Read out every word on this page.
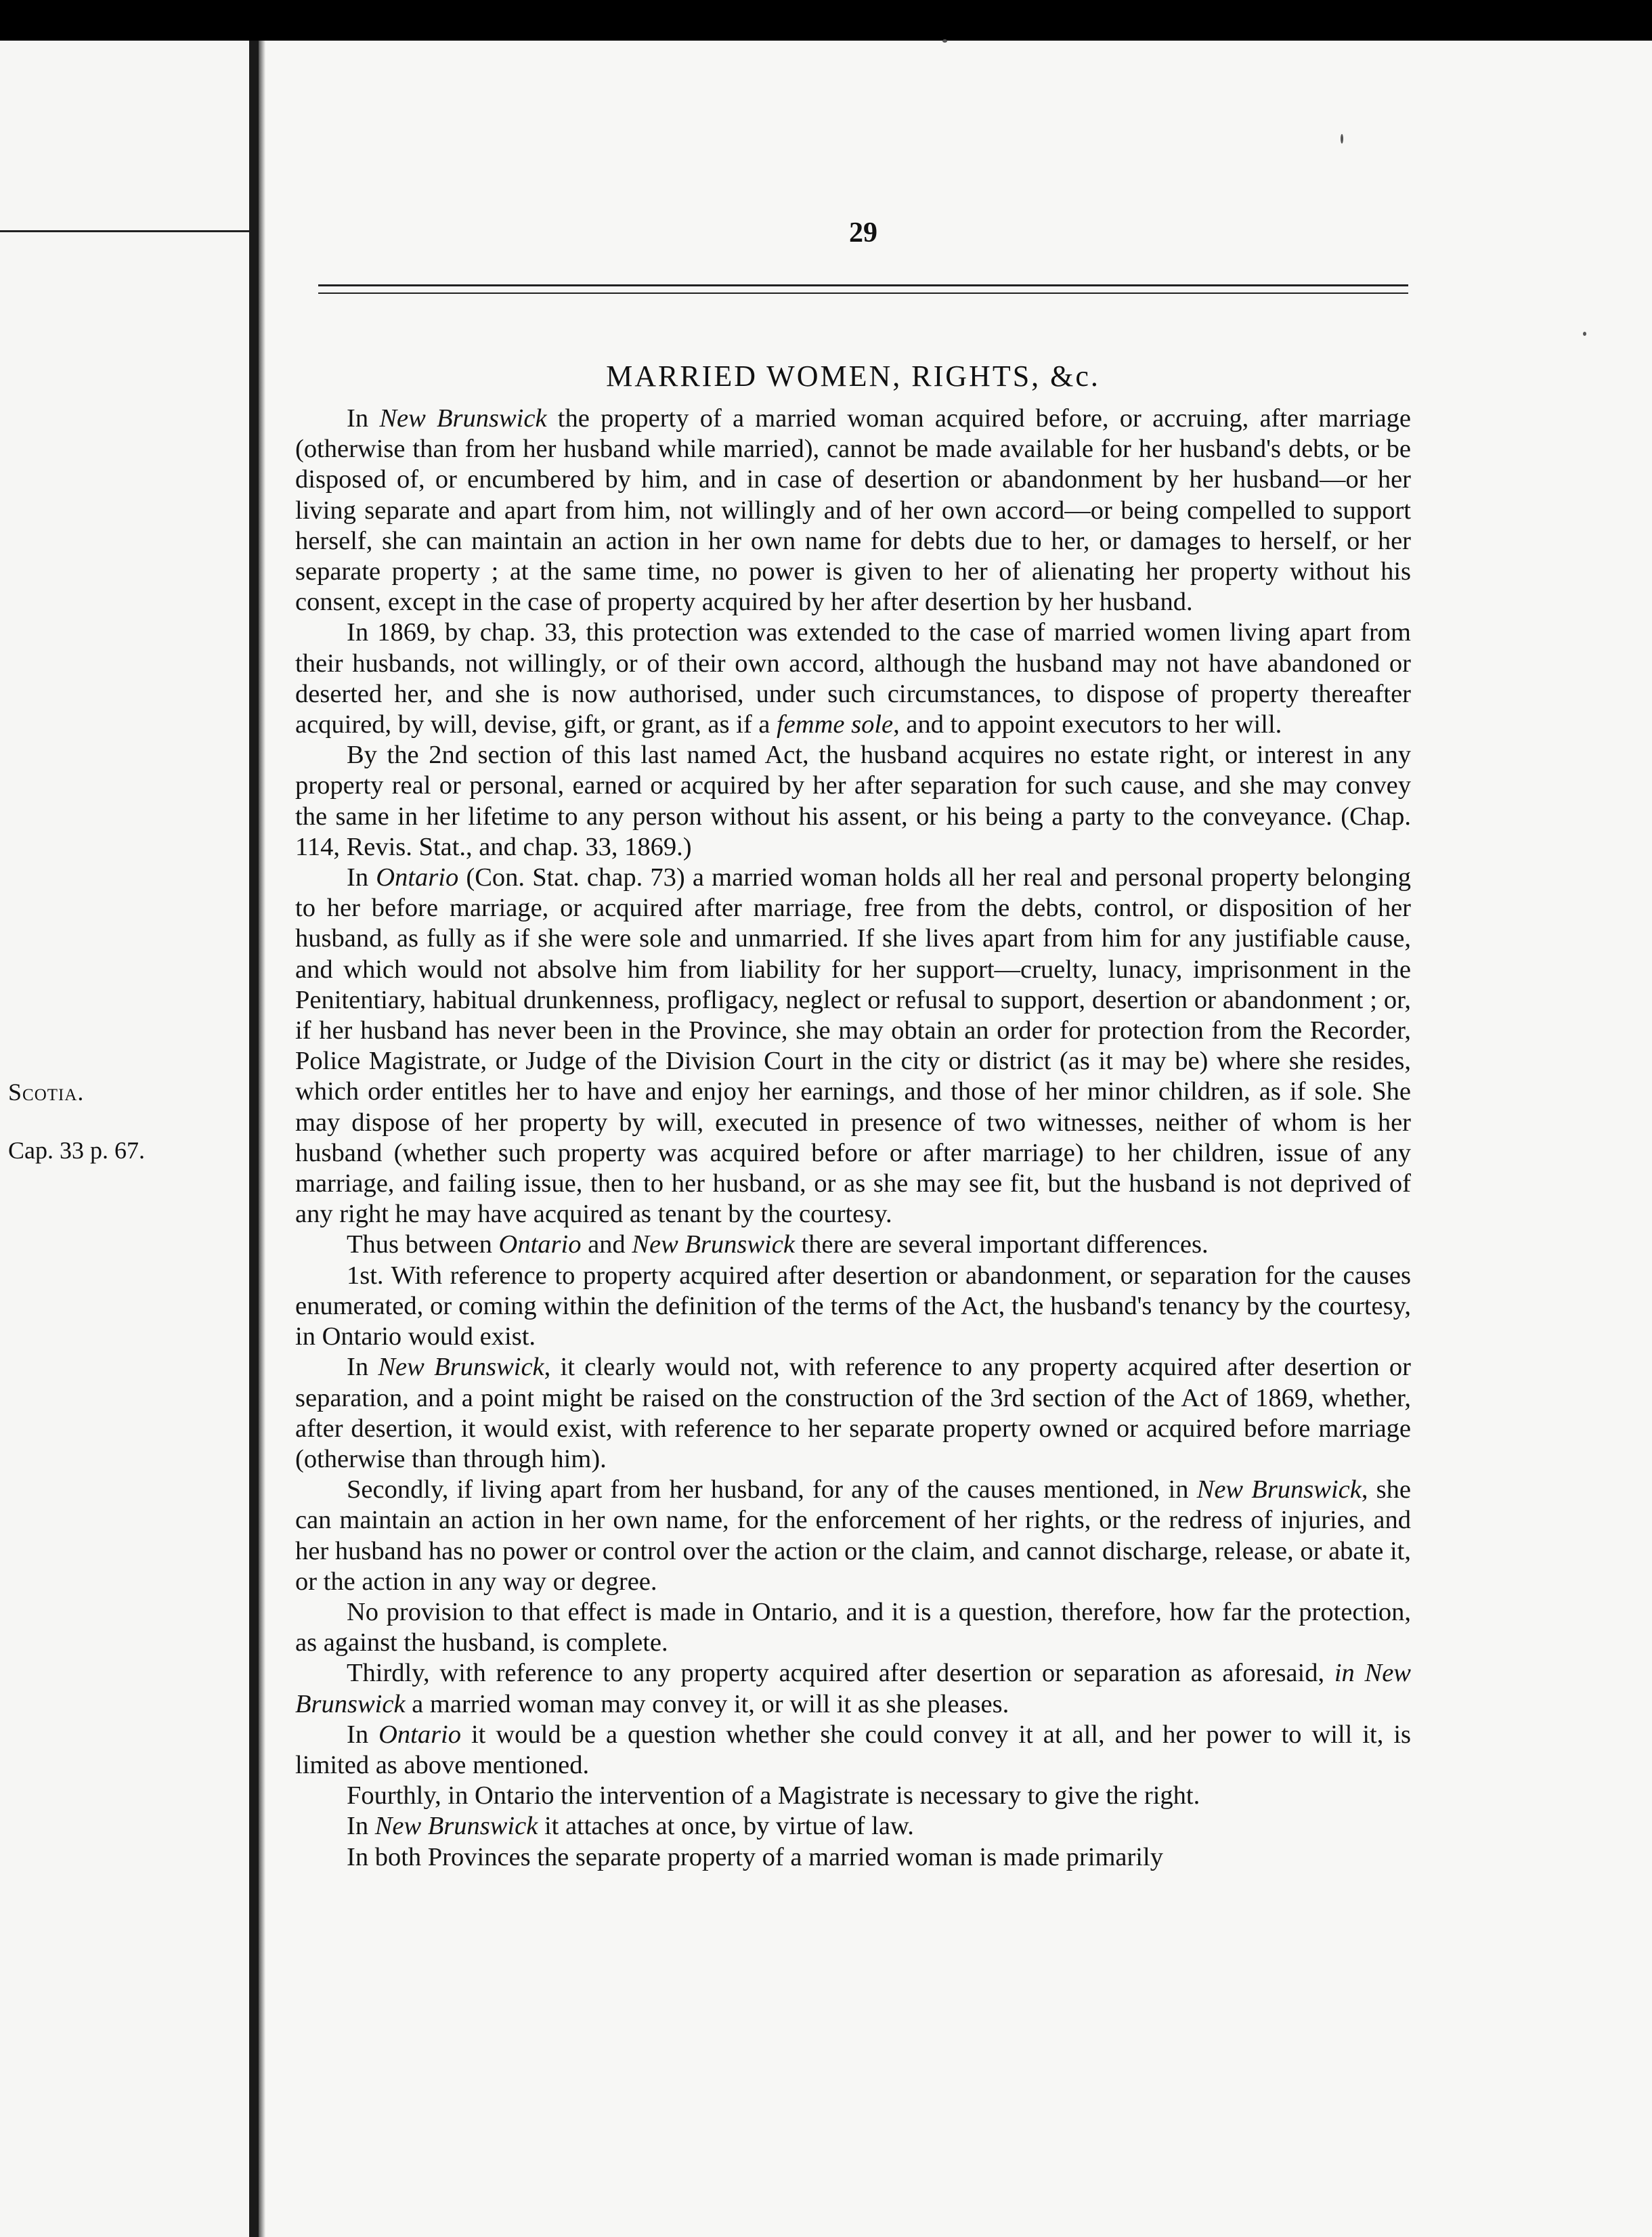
Scotia.
Cap. 33 p. 67.
29
MARRIED WOMEN, RIGHTS, &c.

In New Brunswick the property of a married woman acquired before, or accruing, after marriage (otherwise than from her husband while married), cannot be made available for her husband's debts, or be disposed of, or encumbered by him, and in case of desertion or abandonment by her husband—or her living separate and apart from him, not willingly and of her own accord—or being compelled to support herself, she can maintain an action in her own name for debts due to her, or damages to herself, or her separate property ; at the same time, no power is given to her of alienating her property without his consent, except in the case of property acquired by her after desertion by her husband.

In 1869, by chap. 33, this protection was extended to the case of married women living apart from their husbands, not willingly, or of their own accord, although the husband may not have abandoned or deserted her, and she is now authorised, under such circumstances, to dispose of property thereafter acquired, by will, devise, gift, or grant, as if a femme sole, and to appoint executors to her will.

By the 2nd section of this last named Act, the husband acquires no estate right, or interest in any property real or personal, earned or acquired by her after separation for such cause, and she may convey the same in her lifetime to any person without his assent, or his being a party to the conveyance. (Chap. 114, Revis. Stat., and chap. 33, 1869.)

In Ontario (Con. Stat. chap. 73) a married woman holds all her real and personal property belonging to her before marriage, or acquired after marriage, free from the debts, control, or disposition of her husband, as fully as if she were sole and unmarried. If she lives apart from him for any justifiable cause, and which would not absolve him from liability for her support—cruelty, lunacy, imprisonment in the Penitentiary, habitual drunkenness, profligacy, neglect or refusal to support, desertion or abandonment ; or, if her husband has never been in the Province, she may obtain an order for protection from the Recorder, Police Magistrate, or Judge of the Division Court in the city or district (as it may be) where she resides, which order entitles her to have and enjoy her earnings, and those of her minor children, as if sole. She may dispose of her property by will, executed in presence of two witnesses, neither of whom is her husband (whether such property was acquired before or after marriage) to her children, issue of any marriage, and failing issue, then to her husband, or as she may see fit, but the husband is not deprived of any right he may have acquired as tenant by the courtesy.

Thus between Ontario and New Brunswick there are several important differences.

1st. With reference to property acquired after desertion or abandonment, or separation for the causes enumerated, or coming within the definition of the terms of the Act, the husband's tenancy by the courtesy, in Ontario would exist.

In New Brunswick, it clearly would not, with reference to any property acquired after desertion or separation, and a point might be raised on the construction of the 3rd section of the Act of 1869, whether, after desertion, it would exist, with reference to her separate property owned or acquired before marriage (otherwise than through him).

Secondly, if living apart from her husband, for any of the causes mentioned, in New Brunswick, she can maintain an action in her own name, for the enforcement of her rights, or the redress of injuries, and her husband has no power or control over the action or the claim, and cannot discharge, release, or abate it, or the action in any way or degree.

No provision to that effect is made in Ontario, and it is a question, therefore, how far the protection, as against the husband, is complete.

Thirdly, with reference to any property acquired after desertion or separation as aforesaid, in New Brunswick a married woman may convey it, or will it as she pleases.

In Ontario it would be a question whether she could convey it at all, and her power to will it, is limited as above mentioned.

Fourthly, in Ontario the intervention of a Magistrate is necessary to give the right.

In New Brunswick it attaches at once, by virtue of law.

In both Provinces the separate property of a married woman is made primarily
